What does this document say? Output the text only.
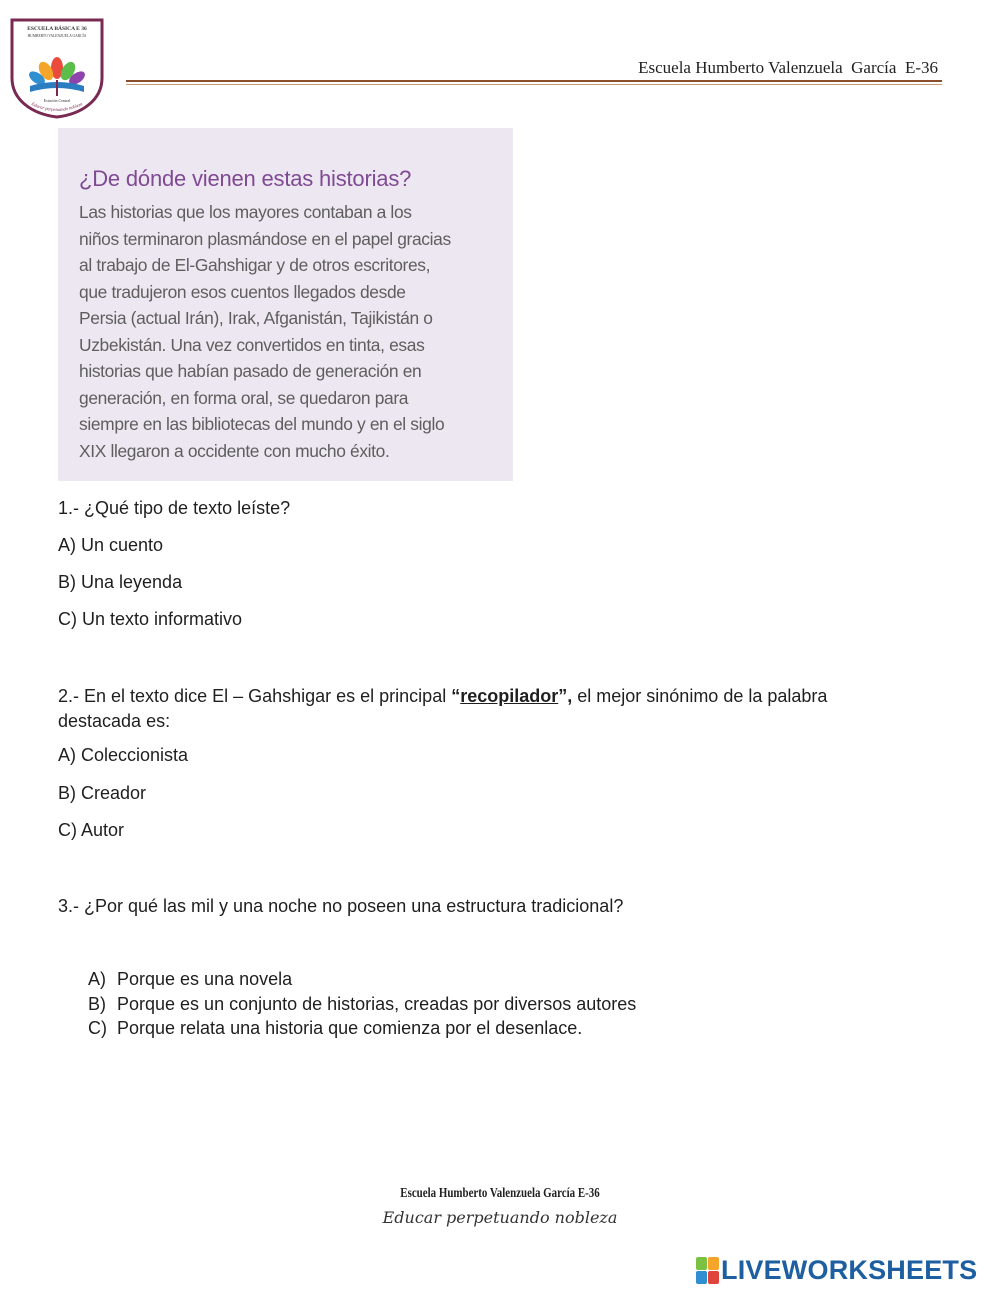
ESCUELA BÁSICA E 36
HUMBERTO VALENZUELA GARCÍA
Estación Central
Educar perpetuando nobleza
Escuela Humberto Valenzuela  García  E-36
¿De dónde vienen estas historias?

Las historias que los mayores contaban a los
niños terminaron plasmándose en el papel gracias
al trabajo de El-Gahshigar y de otros escritores,
que tradujeron esos cuentos llegados desde
Persia (actual Irán), Irak, Afganistán, Tajikistán o
Uzbekistán. Una vez convertidos en tinta, esas
historias que habían pasado de generación en
generación, en forma oral, se quedaron para
siempre en las bibliotecas del mundo y en el siglo
XIX llegaron a occidente con mucho éxito.

1.- ¿Qué tipo de texto leíste?
A) Un cuento
B) Una leyenda
C) Un texto informativo
2.- En el texto dice El – Gahshigar es el principal “recopilador”, el mejor sinónimo de la palabra destacada es:
A) Coleccionista
B) Creador
C) Autor
3.- ¿Por qué las mil y una noche no poseen una estructura tradicional?
A) Porque es una novela
B) Porque es un conjunto de historias, creadas por diversos autores
C) Porque relata una historia que comienza por el desenlace.
Escuela Humberto Valenzuela García E-36
Educar perpetuando nobleza
LIVEWORKSHEETS
